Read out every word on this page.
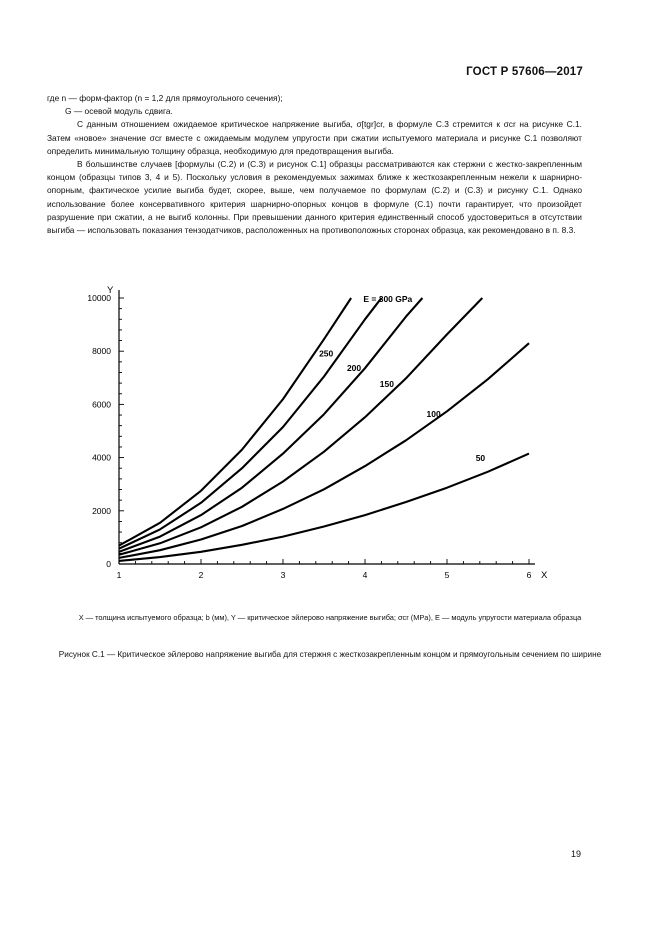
ГОСТ Р 57606—2017

где n — форм-фактор (n = 1,2 для прямоугольного сечения);

G — осевой модуль сдвига.

С данным отношением ожидаемое критическое напряжение выгиба, σ[tgr]cr, в формуле С.3 стремится к σcr на рисунке С.1. Затем «новое» значение σcr вместе с ожидаемым модулем упругости при сжатии испытуемого материала и рисунке С.1 позволяют определить минимальную толщину образца, необходимую для предотвращения выгиба.

В большинстве случаев [формулы (С.2) и (С.3) и рисунок С.1] образцы рассматриваются как стержни с жестко-закрепленным концом (образцы типов 3, 4 и 5). Поскольку условия в рекомендуемых зажимах ближе к жесткозакрепленным нежели к шарнирно-опорным, фактическое усилие выгиба будет, скорее, выше, чем получаемое по формулам (С.2) и (С.3) и рисунку С.1. Однако использование более консервативного критерия шарнирно-опорных концов в формуле (С.1) почти гарантирует, что произойдет разрушение при сжатии, а не выгиб колонны. При превышении данного критерия единственный способ удостовериться в отсутствии выгиба — использовать показания тензодатчиков, расположенных на противоположных сторонах образца, как рекомендовано в п. 8.3.

0
2000
4000
6000
8000
10000
1	2	3	4	5	6 X
Y
E = 300 GPa
250
200
150
100
50
X — толщина испытуемого образца; b (мм), Y — критическое эйлерово напряжение выгиба; σcr (MPa), E — модуль упругости материала образца
Рисунок С.1 — Критическое эйлерово напряжение выгиба для стержня с жесткозакрепленным концом и прямоугольным сечением по ширине
19
